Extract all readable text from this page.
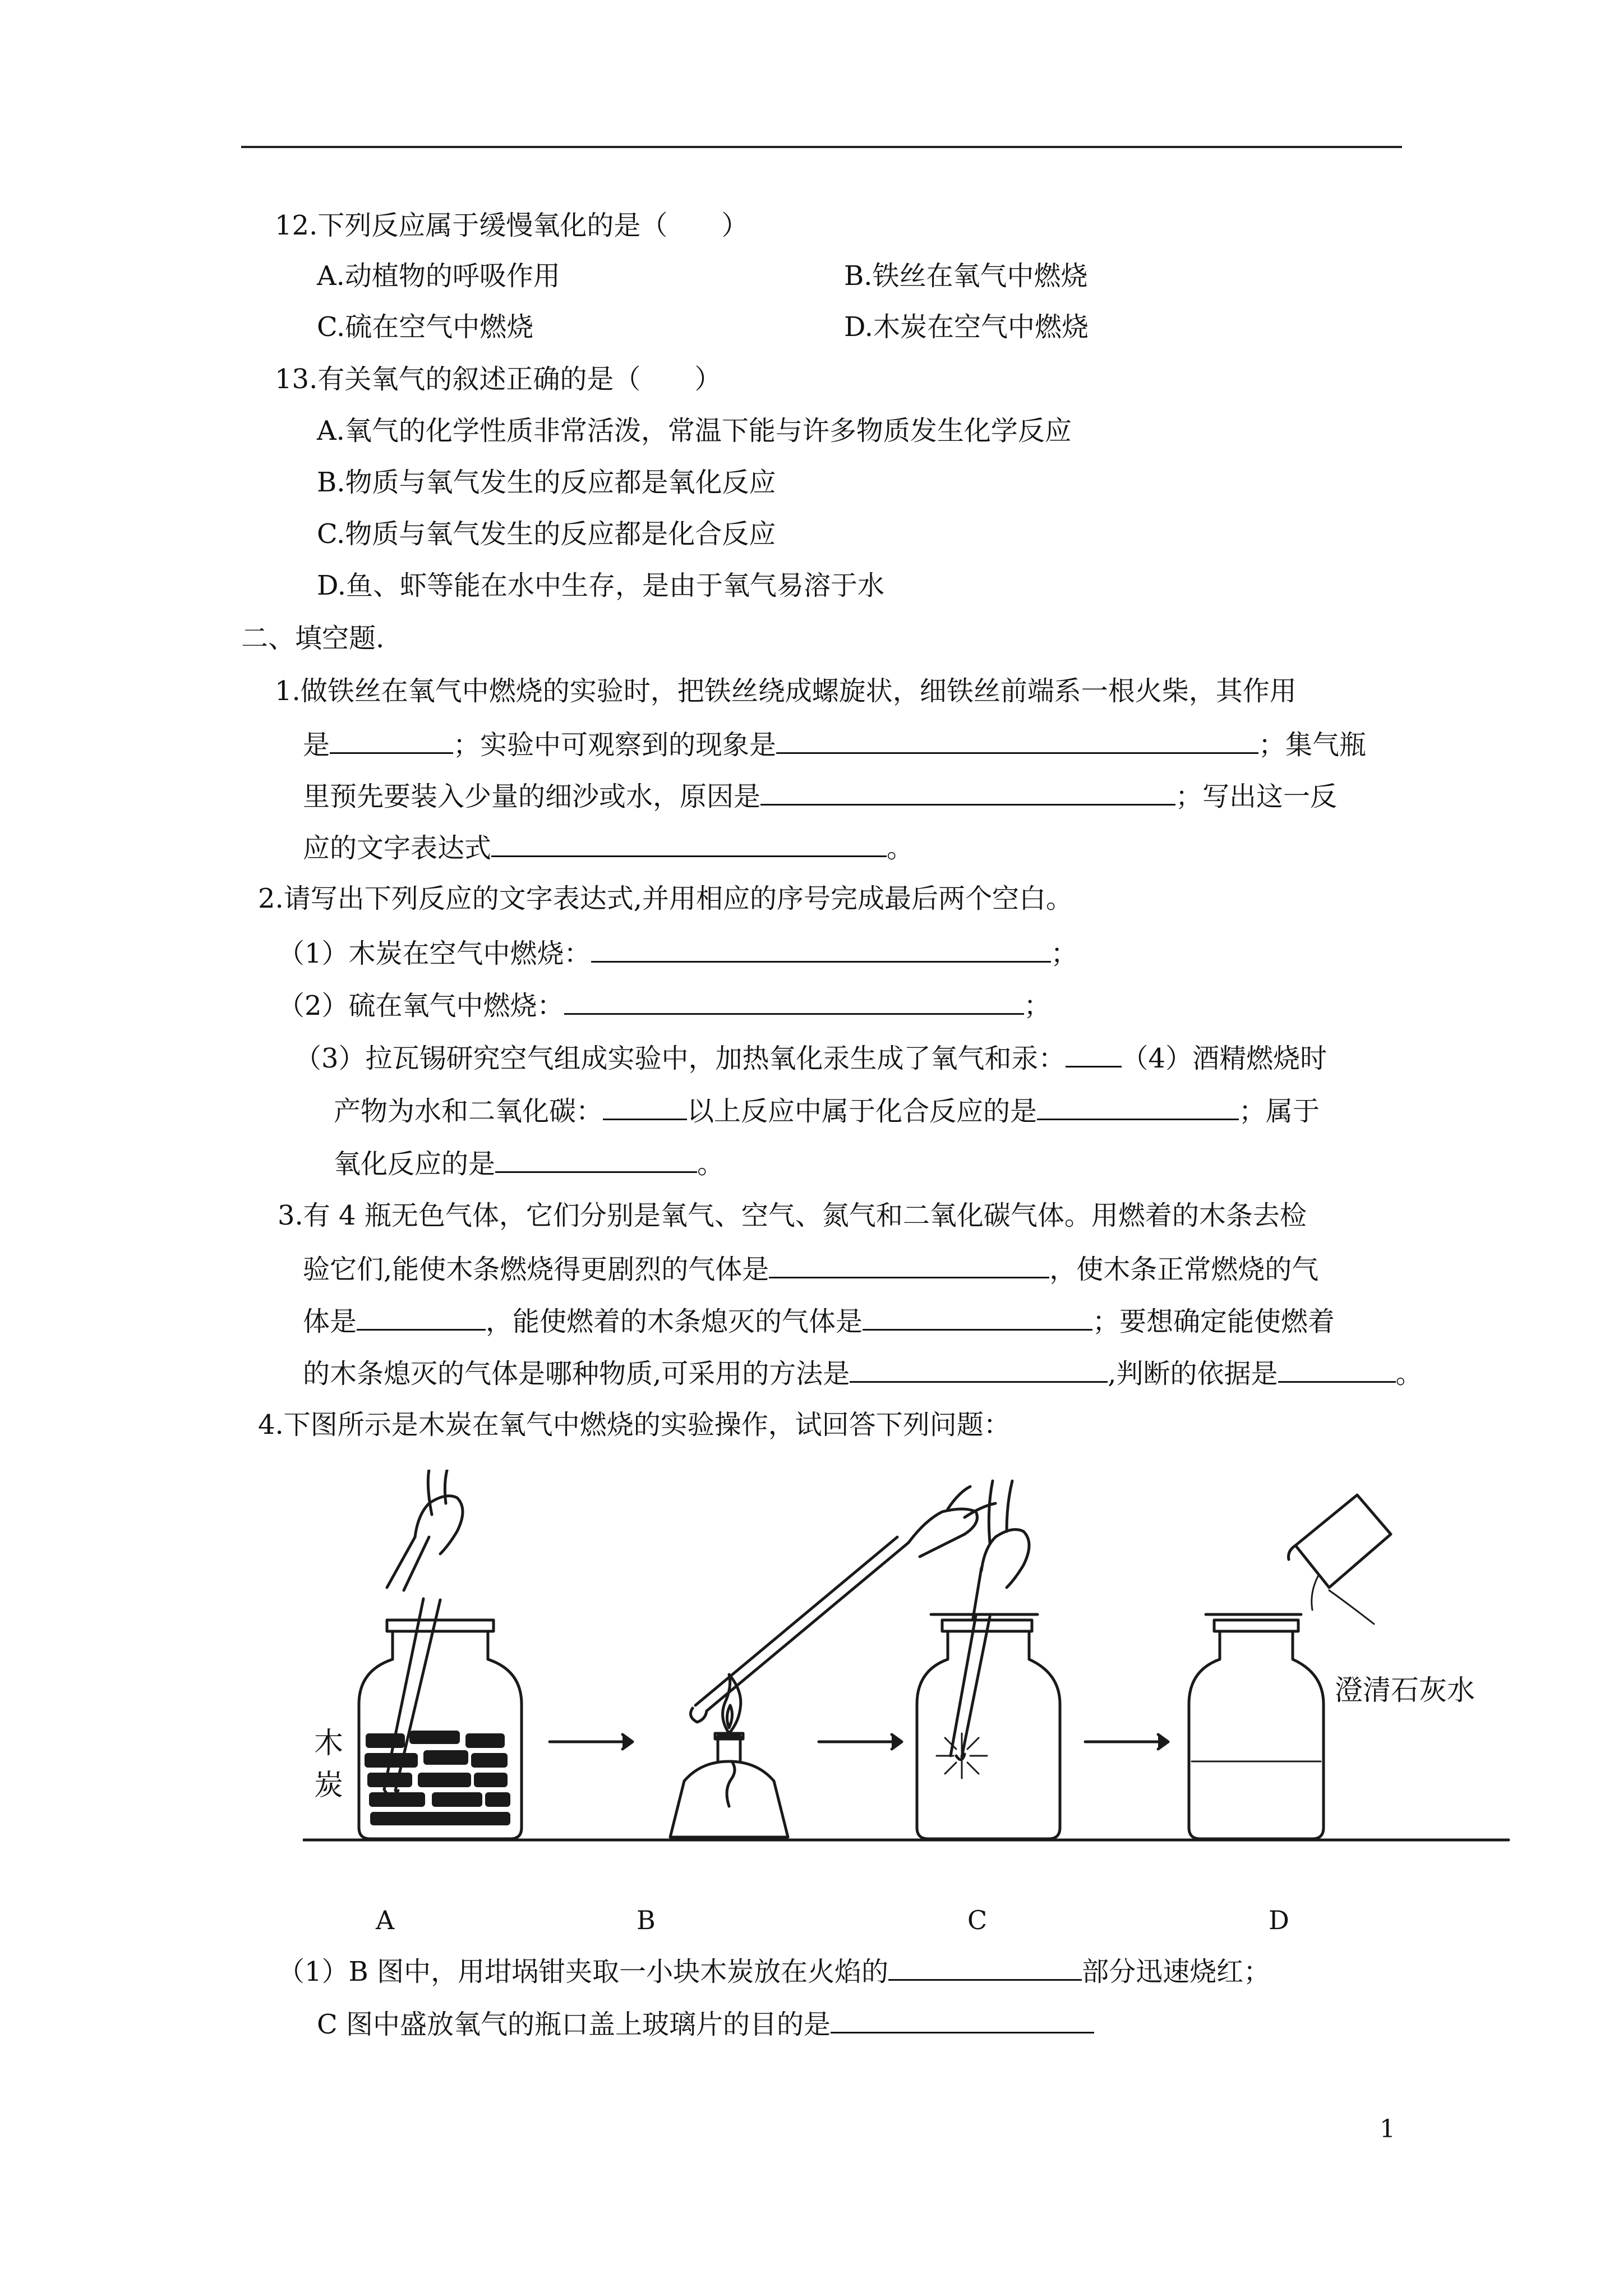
12.下列反应属于缓慢氧化的是（　　）
A.动植物的呼吸作用	B.铁丝在氧气中燃烧
C.硫在空气中燃烧	D.木炭在空气中燃烧
13.有关氧气的叙述正确的是（　　）
A.氧气的化学性质非常活泼，常温下能与许多物质发生化学反应
B.物质与氧气发生的反应都是氧化反应
C.物质与氧气发生的反应都是化合反应
D.鱼、虾等能在水中生存，是由于氧气易溶于水
二、填空题.
1.做铁丝在氧气中燃烧的实验时，把铁丝绕成螺旋状，细铁丝前端系一根火柴，其作用
是	；实验中可观察到的现象是	；集气瓶
里预先要装入少量的细沙或水，原因是	；写出这一反
应的文字表达式	。
2.请写出下列反应的文字表达式,并用相应的序号完成最后两个空白。
（1）木炭在空气中燃烧：	；
（2）硫在氧气中燃烧：	；
（3）拉瓦锡研究空气组成实验中，加热氧化汞生成了氧气和汞： （4）酒精燃烧时
产物为水和二氧化碳：	以上反应中属于化合反应的是	；属于
氧化反应的是	。
3.有 4 瓶无色气体，它们分别是氧气、空气、氮气和二氧化碳气体。用燃着的木条去检
验它们,能使木条燃烧得更剧烈的气体是	，使木条正常燃烧的气
体是	，能使燃着的木条熄灭的气体是	；要想确定能使燃着
的木条熄灭的气体是哪种物质,可采用的方法是	,判断的依据是	。
4.下图所示是木炭在氧气中燃烧的实验操作，试回答下列问题：
木
炭
澄清石灰水
A	B	C	D
（1）B 图中，用坩埚钳夹取一小块木炭放在火焰的	部分迅速烧红；
C 图中盛放氧气的瓶口盖上玻璃片的目的是
1
